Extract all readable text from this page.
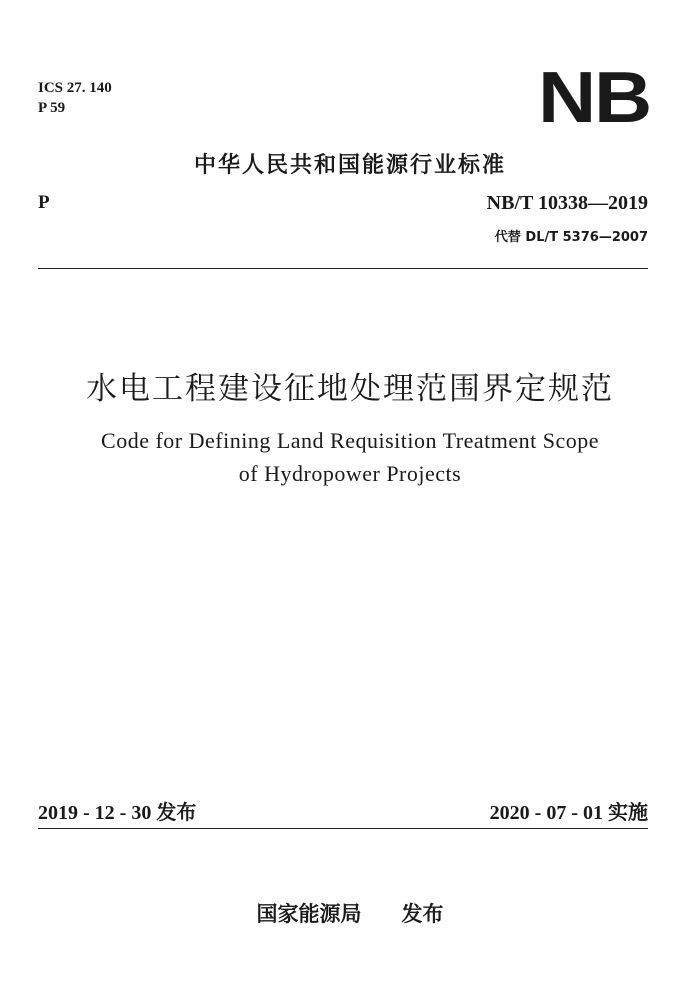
ICS 27. 140
P 59	NB
中华人民共和国能源行业标准
P	NB/T 10338—2019
代替 DL/T 5376—2007
水电工程建设征地处理范围界定规范
Code for Defining Land Requisition Treatment Scope
of Hydropower Projects
2019 - 12 - 30 发布	2020 - 07 - 01 实施
国家能源局 发布
